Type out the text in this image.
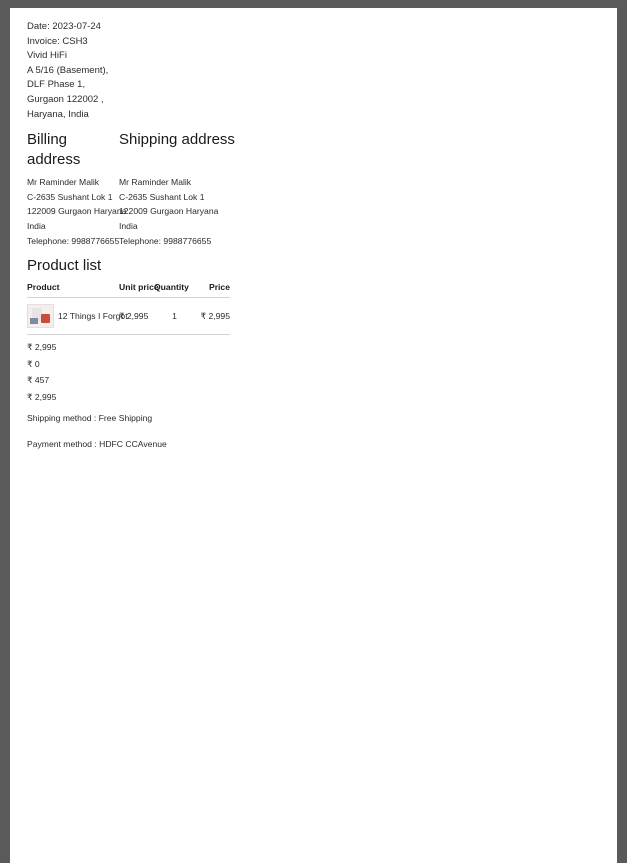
Date: 2023-07-24
Invoice: CSH3
Vivid HiFi
A 5/16 (Basement),
DLF Phase 1,
Gurgaon 122002 ,
Haryana, India
Billing address
Shipping address
Mr Raminder Malik
C-2635 Sushant Lok 1
122009 Gurgaon Haryana
India
Telephone: 9988776655
Mr Raminder Malik
C-2635 Sushant Lok 1
122009 Gurgaon Haryana
India
Telephone: 9988776655
Product list
Product	Unit price	Quantity	Price

12 Things I Forgot	₹ 2,995	1	₹ 2,995
₹ 2,995
₹ 0
₹ 457
₹ 2,995
Shipping method : Free Shipping
Payment method : HDFC CCAvenue
